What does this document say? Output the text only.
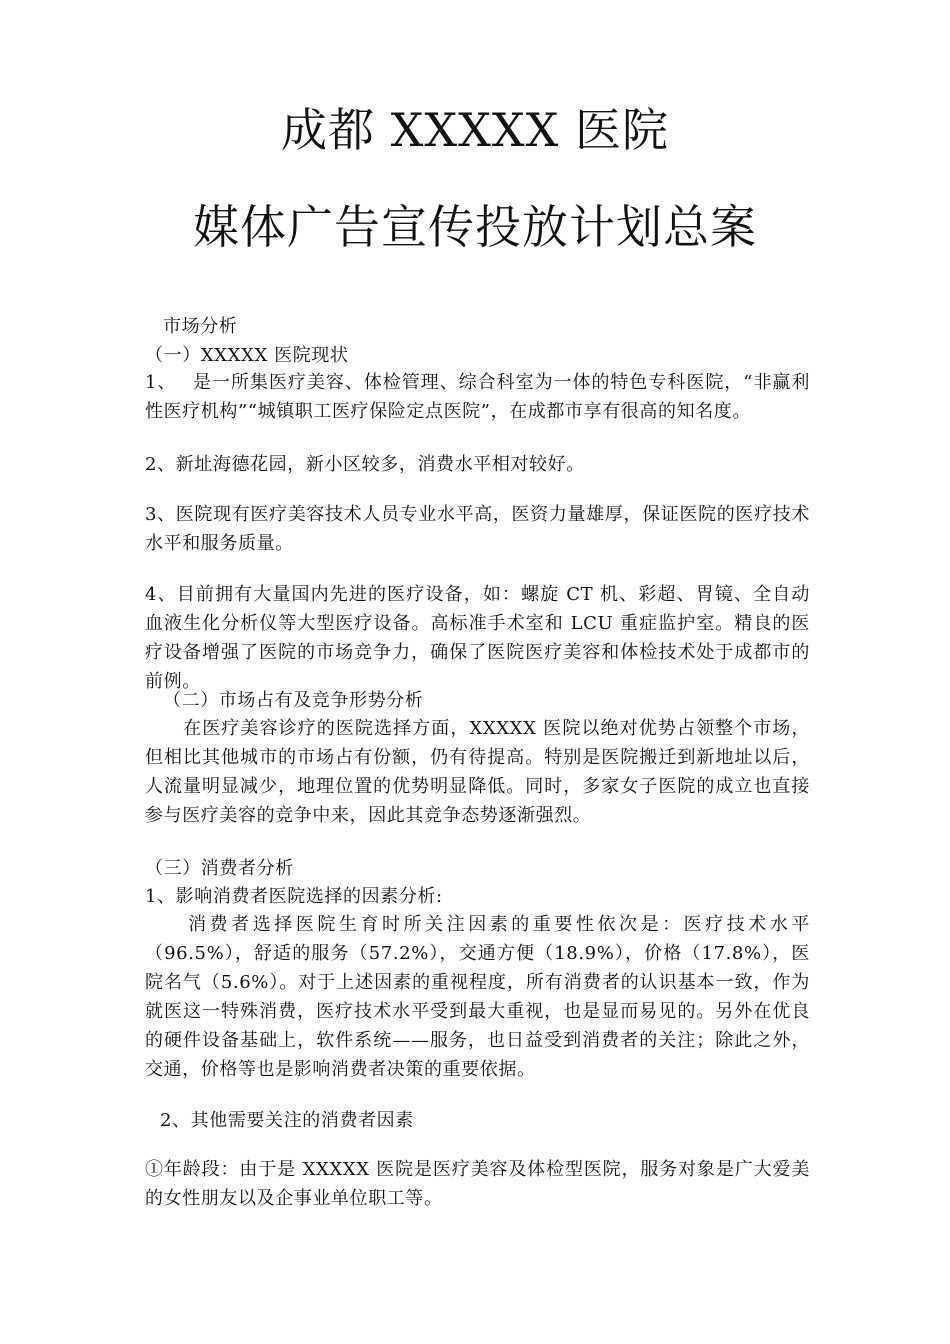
成都 XXXXX 医院
媒体广告宣传投放计划总案

市场分析

（一）XXXXX 医院现状

1、　 是一所集医疗美容、体检管理、综合科室为一体的特色专科医院，“非赢利性医疗机构”“城镇职工医疗保险定点医院”，在成都市享有很高的知名度。

2、新址海德花园，新小区较多，消费水平相对较好。

3、医院现有医疗美容技术人员专业水平高，医资力量雄厚，保证医院的医疗技术水平和服务质量。

4、目前拥有大量国内先进的医疗设备，如：螺旋 CT 机、彩超、胃镜、全自动血液生化分析仪等大型医疗设备。高标准手术室和 LCU 重症监护室。精良的医疗设备增强了医院的市场竞争力，确保了医院医疗美容和体检技术处于成都市的前例。

（二）市场占有及竞争形势分析

　　在医疗美容诊疗的医院选择方面，XXXXX 医院以绝对优势占领整个市场，但相比其他城市的市场占有份额，仍有待提高。特别是医院搬迁到新地址以后，人流量明显减少，地理位置的优势明显降低。同时，多家女子医院的成立也直接参与医疗美容的竞争中来，因此其竞争态势逐渐强烈。

（三）消费者分析

1、影响消费者医院选择的因素分析:

　　消费者选择医院生育时所关注因素的重要性依次是：医疗技术水平（96.5%），舒适的服务（57.2%），交通方便（18.9%），价格（17.8%），医院名气（5.6%）。对于上述因素的重视程度，所有消费者的认识基本一致，作为就医这一特殊消费，医疗技术水平受到最大重视，也是显而易见的。另外在优良的硬件设备基础上，软件系统——服务，也日益受到消费者的关注；除此之外，交通，价格等也是影响消费者决策的重要依据。

2、其他需要关注的消费者因素

①年龄段：由于是 XXXXX 医院是医疗美容及体检型医院，服务对象是广大爱美的女性朋友以及企事业单位职工等。
